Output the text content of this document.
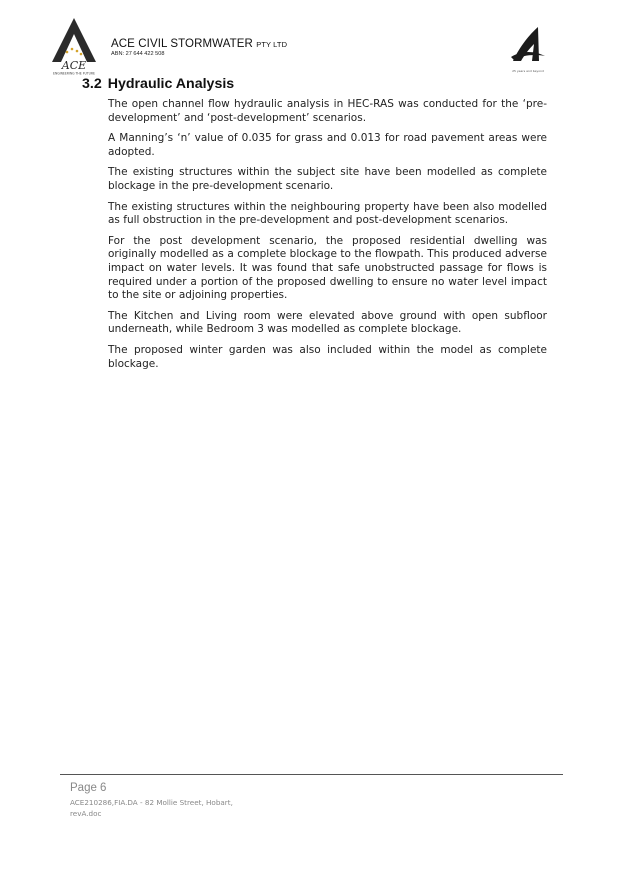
ACE
ENGINEERING THE FUTURE
ACE CIVIL STORMWATER PTY LTD
ABN: 27 644 422 508
25 years and beyond
3.2 Hydraulic Analysis

The open channel flow hydraulic analysis in HEC-RAS was conducted for the ‘pre-development’ and ‘post-development’ scenarios.

A Manning’s ‘n’ value of 0.035 for grass and 0.013 for road pavement areas were adopted.

The existing structures within the subject site have been modelled as complete blockage in the pre-development scenario.

The existing structures within the neighbouring property have been also modelled as full obstruction in the pre-development and post-development scenarios.

For the post development scenario, the proposed residential dwelling was originally modelled as a complete blockage to the flowpath. This produced adverse impact on water levels. It was found that safe unobstructed passage for flows is required under a portion of the proposed dwelling to ensure no water level impact to the site or adjoining properties.

The Kitchen and Living room were elevated above ground with open subfloor underneath, while Bedroom 3 was modelled as complete blockage.

The proposed winter garden was also included within the model as complete blockage.

Page 6
ACE210286,FIA.DA - 82 Mollie Street, Hobart, revA.doc
